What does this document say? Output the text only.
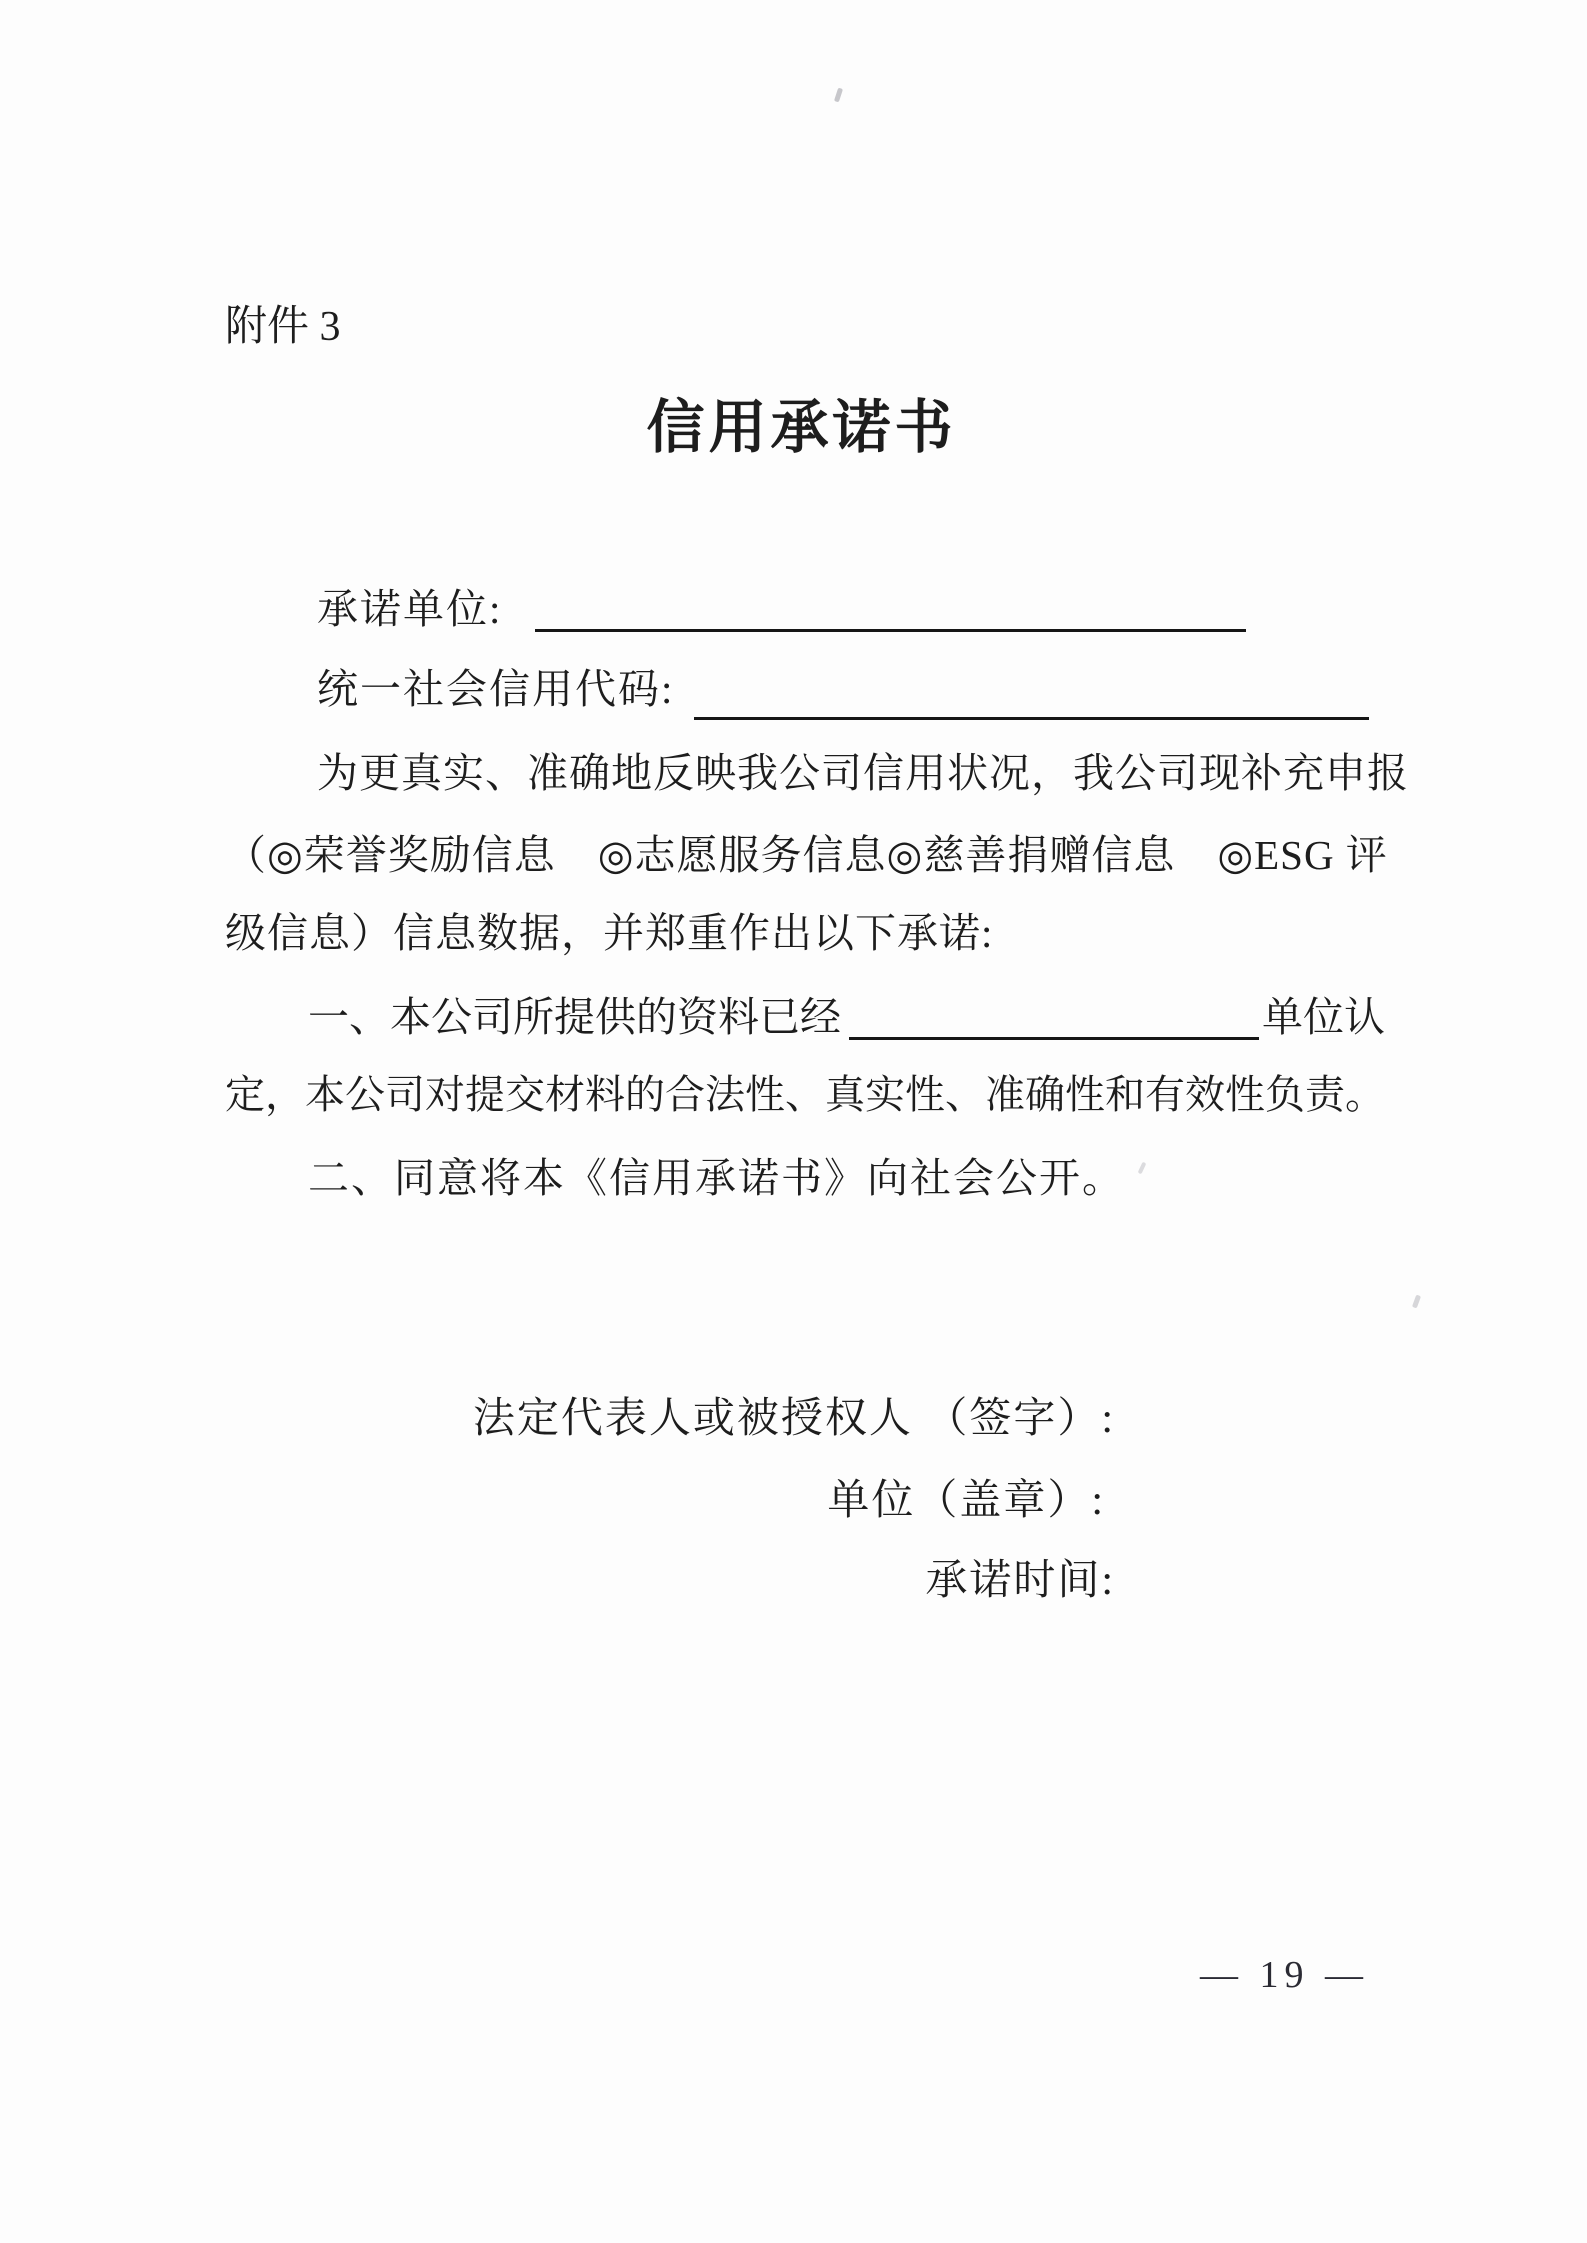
附件 3
信用承诺书
承诺单位:
统一社会信用代码:
为更真实、准确地反映我公司信用状况，我公司现补充申报
（◎荣誉奖励信息　◎志愿服务信息◎慈善捐赠信息　◎ESG 评
级信息）信息数据，并郑重作出以下承诺:
一、本公司所提供的资料已经	单位认
定，本公司对提交材料的合法性、真实性、准确性和有效性负责。
二、同意将本《信用承诺书》向社会公开。
法定代表人或被授权人 （签字）:
单位（盖章）:
承诺时间:
— 19 —
